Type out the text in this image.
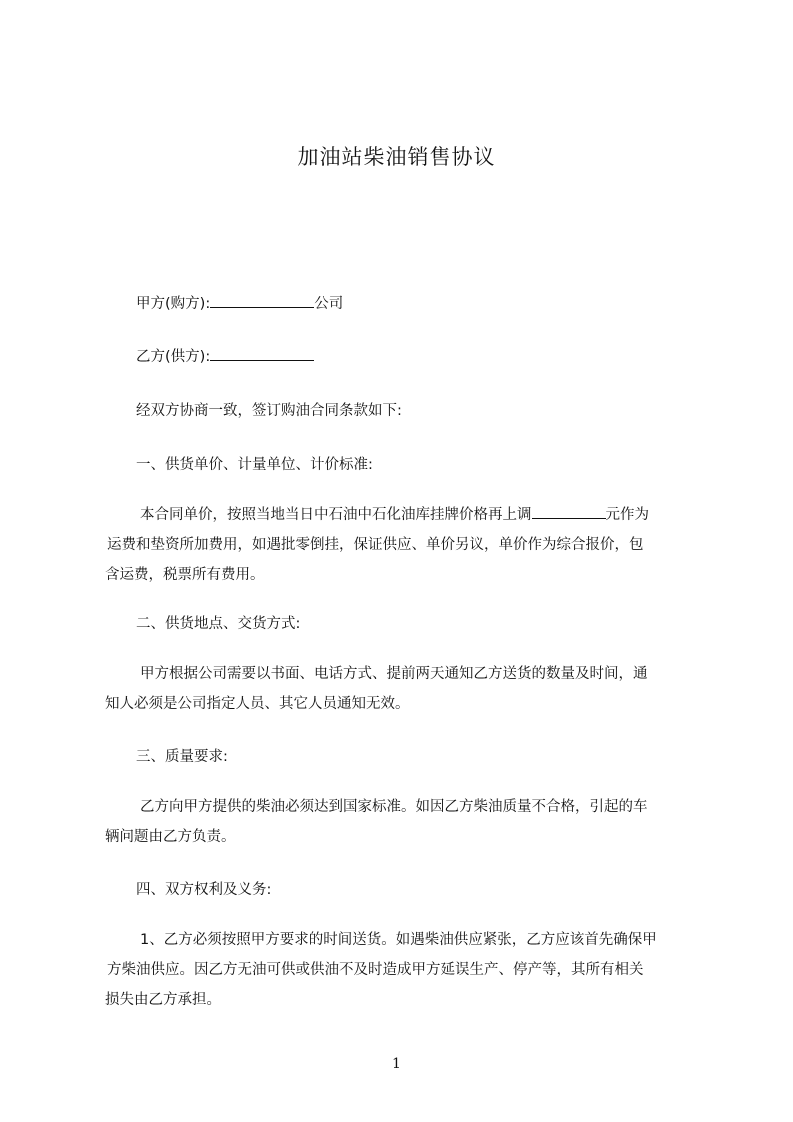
加油站柴油销售协议
甲方(购方):	公司
乙方(供方):
经双方协商一致，签订购油合同条款如下:
一、供货单价、计量单位、计价标准:
本合同单价，按照当地当日中石油中石化油库挂牌价格再上调	元作为
运费和垫资所加费用，如遇批零倒挂，保证供应、单价另议，单价作为综合报价，包
含运费，税票所有费用。
二、供货地点、交货方式:
甲方根据公司需要以书面、电话方式、提前两天通知乙方送货的数量及时间，通
知人必须是公司指定人员、其它人员通知无效。
三、质量要求:
乙方向甲方提供的柴油必须达到国家标准。如因乙方柴油质量不合格，引起的车
辆问题由乙方负责。
四、双方权利及义务:
1、乙方必须按照甲方要求的时间送货。如遇柴油供应紧张，乙方应该首先确保甲
方柴油供应。因乙方无油可供或供油不及时造成甲方延误生产、停产等，其所有相关
损失由乙方承担。
1
